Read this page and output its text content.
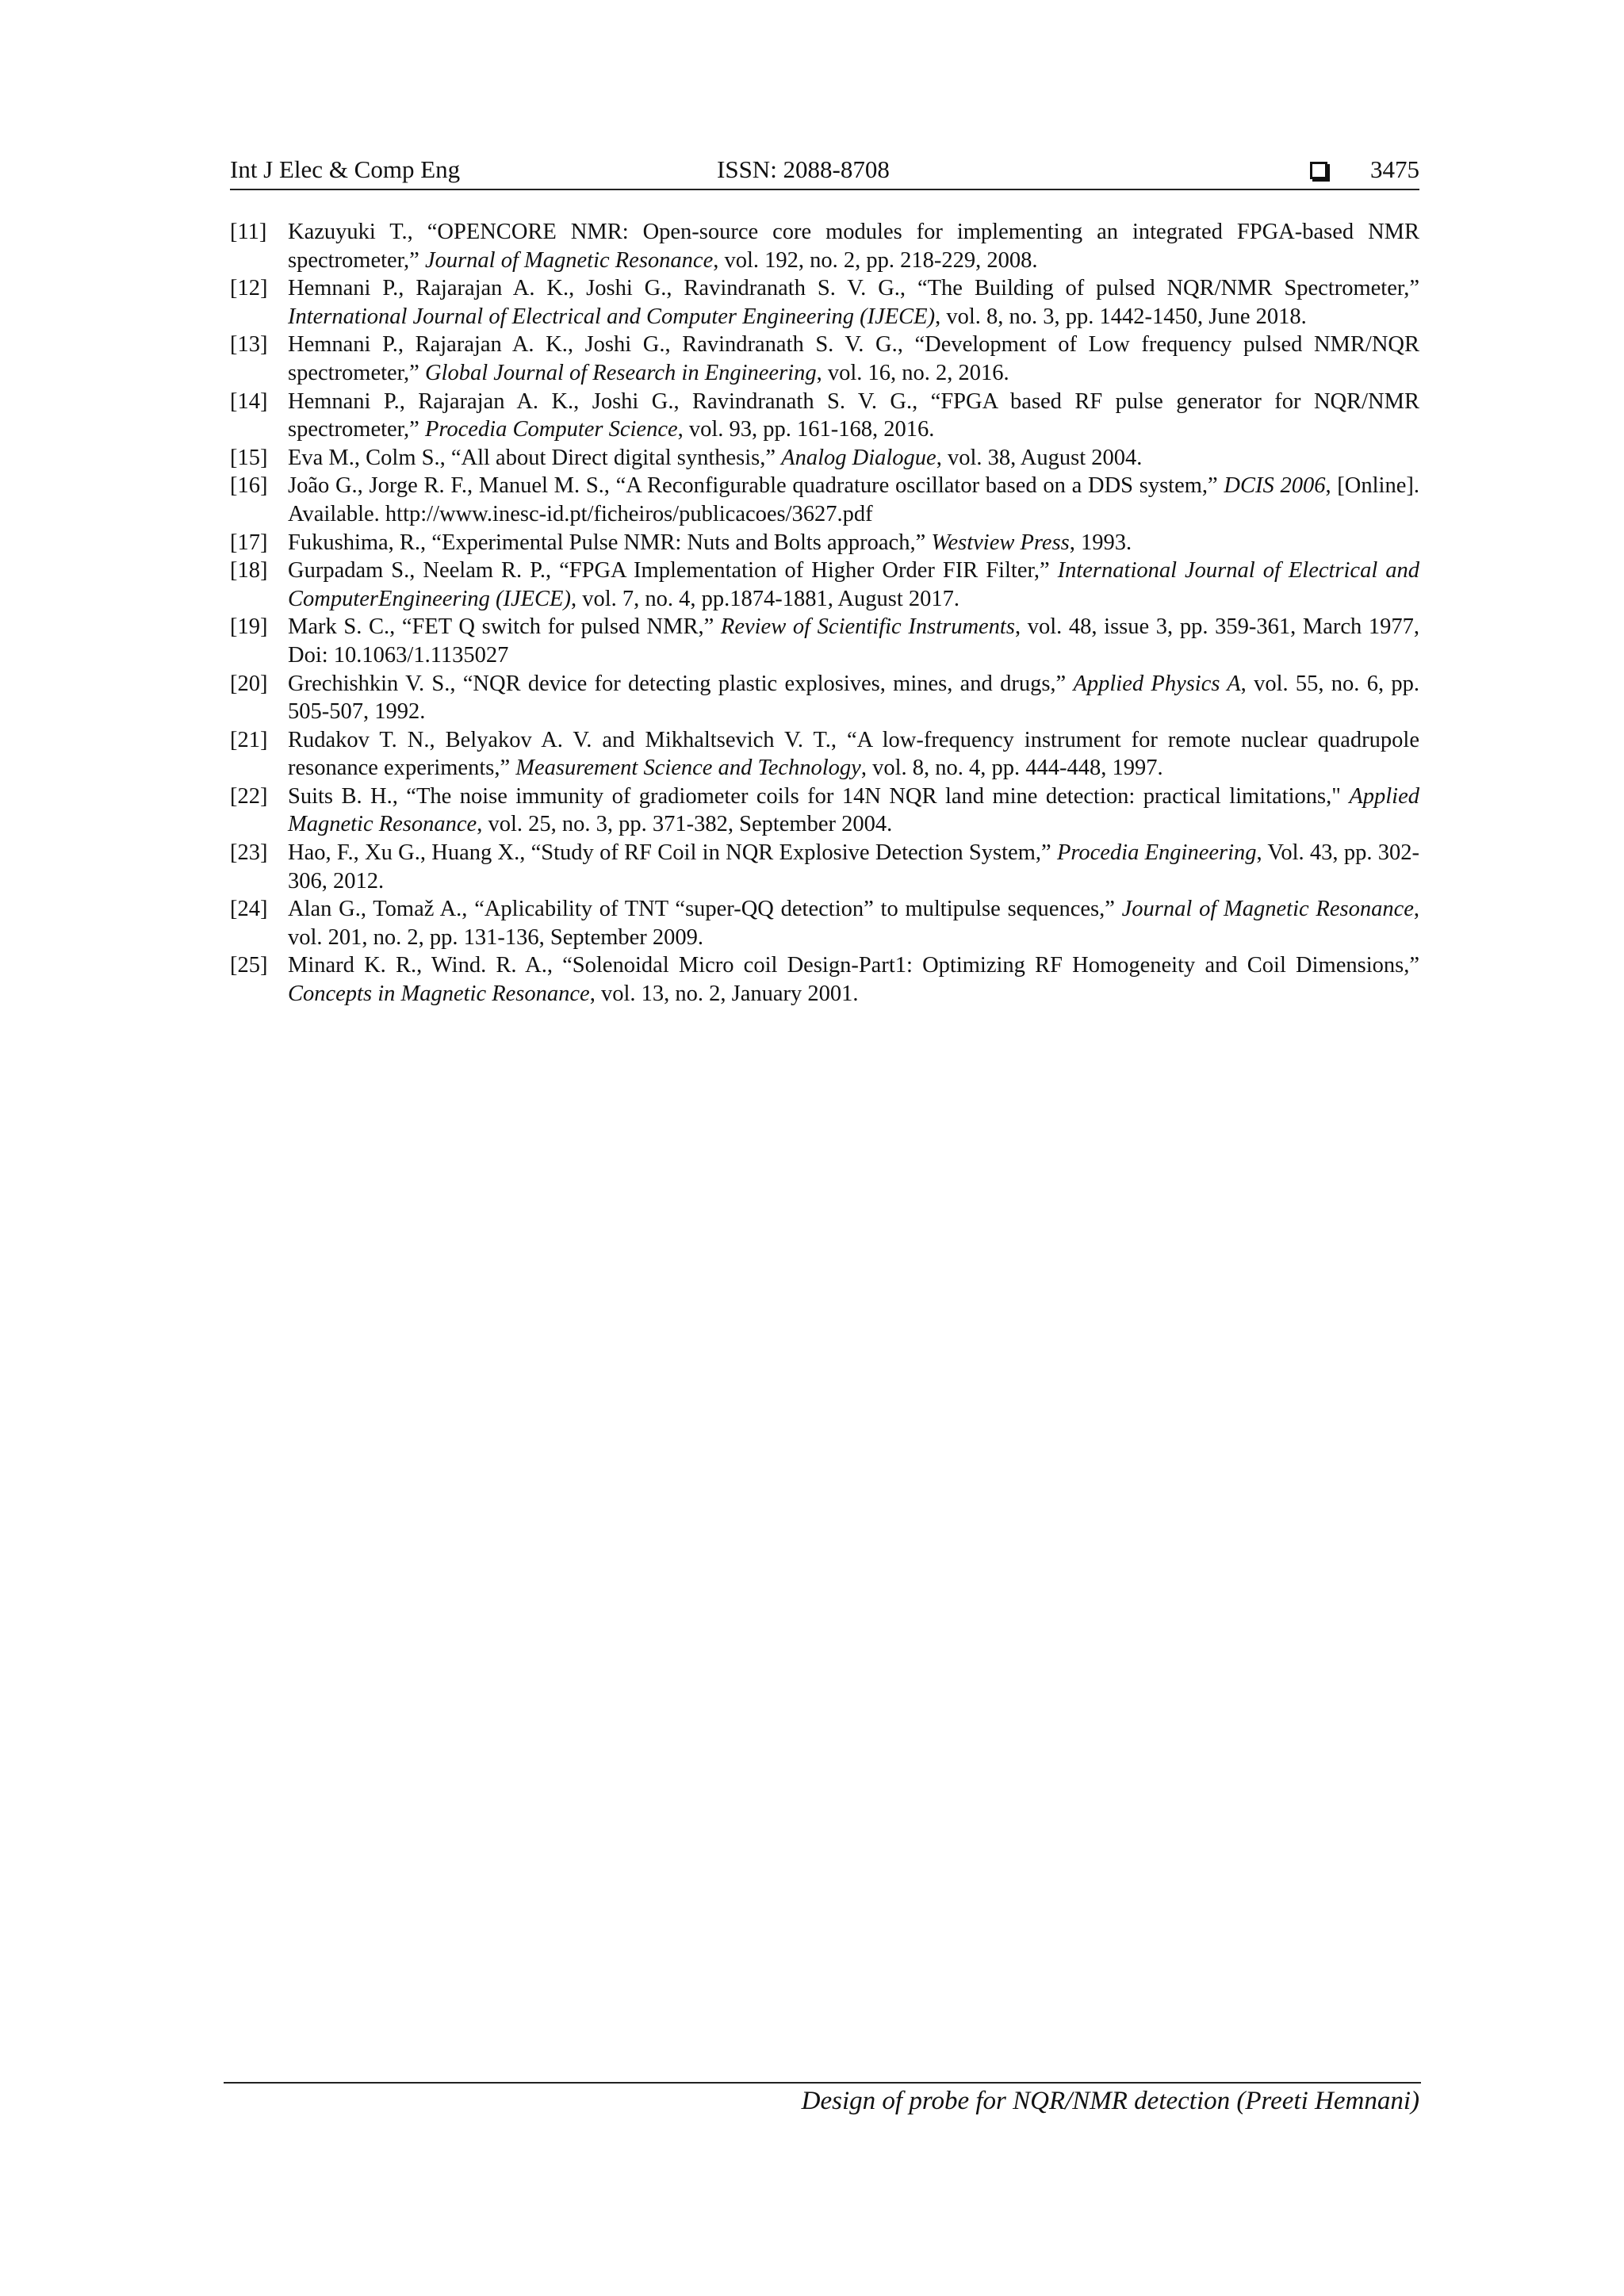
Int J Elec & Comp Eng	ISSN: 2088-8708	3475
[11] Kazuyuki T., “OPENCORE NMR: Open-source core modules for implementing an integrated FPGA-based NMR spectrometer,” Journal of Magnetic Resonance, vol. 192, no. 2, pp. 218-229, 2008.
[12] Hemnani P., Rajarajan A. K., Joshi G., Ravindranath S. V. G., “The Building of pulsed NQR/NMR Spectrometer,” International Journal of Electrical and Computer Engineering (IJECE), vol. 8, no. 3, pp. 1442-1450, June 2018.
[13] Hemnani P., Rajarajan A. K., Joshi G., Ravindranath S. V. G., “Development of Low frequency pulsed NMR/NQR spectrometer,” Global Journal of Research in Engineering, vol. 16, no. 2, 2016.
[14] Hemnani P., Rajarajan A. K., Joshi G., Ravindranath S. V. G., “FPGA based RF pulse generator for NQR/NMR spectrometer,” Procedia Computer Science, vol. 93, pp. 161-168, 2016.
[15] Eva M., Colm S., “All about Direct digital synthesis,” Analog Dialogue, vol. 38, August 2004.
[16] João G., Jorge R. F., Manuel M. S., “A Reconfigurable quadrature oscillator based on a DDS system,” DCIS 2006, [Online]. Available. http://www.inesc-id.pt/ficheiros/publicacoes/3627.pdf
[17] Fukushima, R., “Experimental Pulse NMR: Nuts and Bolts approach,” Westview Press, 1993.
[18] Gurpadam S., Neelam R. P., “FPGA Implementation of Higher Order FIR Filter,” International Journal of Electrical and ComputerEngineering (IJECE), vol. 7, no. 4, pp.1874-1881, August 2017.
[19] Mark S. C., “FET Q switch for pulsed NMR,” Review of Scientific Instruments, vol. 48, issue 3, pp. 359-361, March 1977, Doi: 10.1063/1.1135027
[20] Grechishkin V. S., “NQR device for detecting plastic explosives, mines, and drugs,” Applied Physics A, vol. 55, no. 6, pp. 505-507, 1992.
[21] Rudakov T. N., Belyakov A. V. and Mikhaltsevich V. T., “A low-frequency instrument for remote nuclear quadrupole resonance experiments,” Measurement Science and Technology, vol. 8, no. 4, pp. 444-448, 1997.
[22] Suits B. H., “The noise immunity of gradiometer coils for 14N NQR land mine detection: practical limitations," Applied Magnetic Resonance, vol. 25, no. 3, pp. 371-382, September 2004.
[23] Hao, F., Xu G., Huang X., “Study of RF Coil in NQR Explosive Detection System,” Procedia Engineering, Vol. 43, pp. 302-306, 2012.
[24] Alan G., Tomaž A., “Aplicability of TNT “super-QQ detection” to multipulse sequences,” Journal of Magnetic Resonance, vol. 201, no. 2, pp. 131-136, September 2009.
[25] Minard K. R., Wind. R. A., “Solenoidal Micro coil Design-Part1: Optimizing RF Homogeneity and Coil Dimensions,” Concepts in Magnetic Resonance, vol. 13, no. 2, January 2001.
Design of probe for NQR/NMR detection (Preeti Hemnani)
